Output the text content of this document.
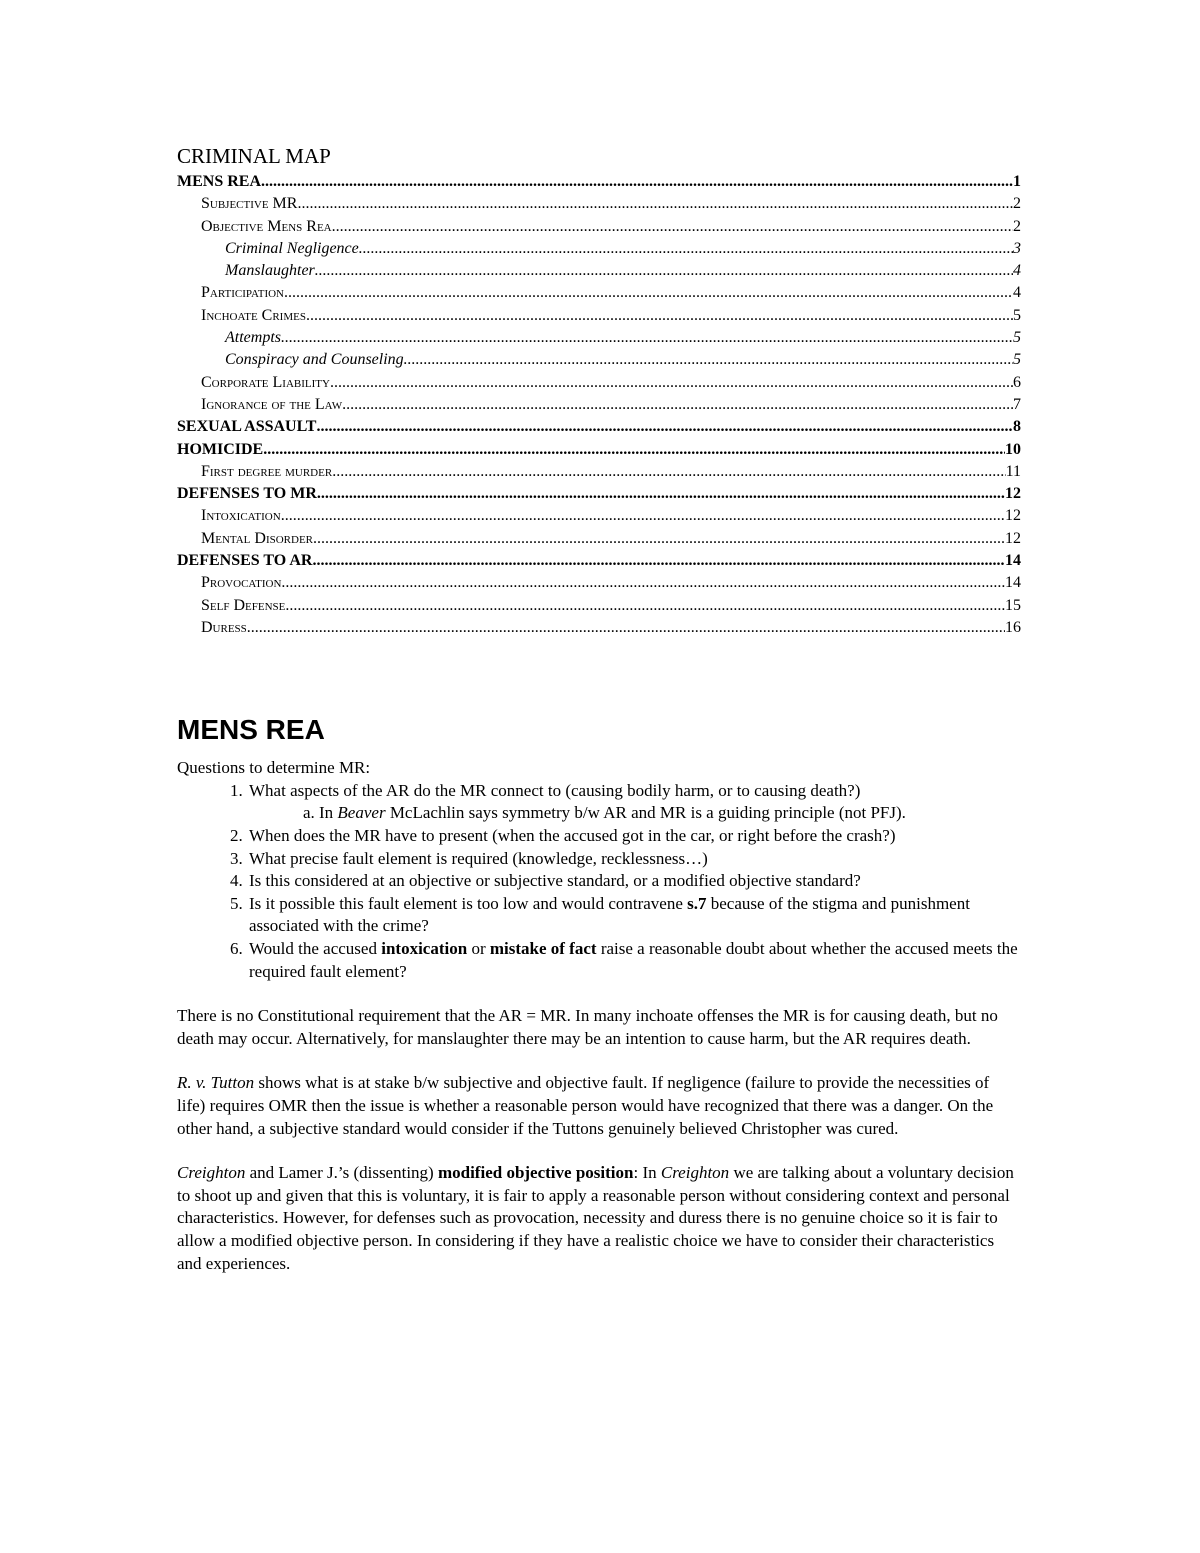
CRIMINAL MAP
MENS REA .....	1
Subjective MR .....	2
Objective Mens Rea .....	2
Criminal Negligence .....	3
Manslaughter .....	4
Participation .....	4
Inchoate Crimes .....	5
Attempts .....	5
Conspiracy and Counseling .....	5
Corporate Liability .....	6
Ignorance of the Law .....	7
SEXUAL ASSAULT .....	8
HOMICIDE .....	10
First degree murder .....	11
DEFENSES TO MR .....	12
Intoxication .....	12
Mental Disorder .....	12
DEFENSES TO AR .....	14
Provocation .....	14
Self Defense .....	15
Duress .....	16
MENS REA

Questions to determine MR:

1. What aspects of the AR do the MR connect to (causing bodily harm, or to causing death?)
a. In Beaver McLachlin says symmetry b/w AR and MR is a guiding principle (not PFJ).
2. When does the MR have to present (when the accused got in the car, or right before the crash?)
3. What precise fault element is required (knowledge, recklessness…)
4. Is this considered at an objective or subjective standard, or a modified objective standard?
5. Is it possible this fault element is too low and would contravene s.7 because of the stigma and punishment associated with the crime?
6. Would the accused intoxication or mistake of fact raise a reasonable doubt about whether the accused meets the required fault element?

There is no Constitutional requirement that the AR = MR. In many inchoate offenses the MR is for causing death, but no death may occur. Alternatively, for manslaughter there may be an intention to cause harm, but the AR requires death.

R. v. Tutton shows what is at stake b/w subjective and objective fault. If negligence (failure to provide the necessities of life) requires OMR then the issue is whether a reasonable person would have recognized that there was a danger. On the other hand, a subjective standard would consider if the Tuttons genuinely believed Christopher was cured.

Creighton and Lamer J.’s (dissenting) modified objective position: In Creighton we are talking about a voluntary decision to shoot up and given that this is voluntary, it is fair to apply a reasonable person without considering context and personal characteristics. However, for defenses such as provocation, necessity and duress there is no genuine choice so it is fair to allow a modified objective person. In considering if they have a realistic choice we have to consider their characteristics and experiences.
